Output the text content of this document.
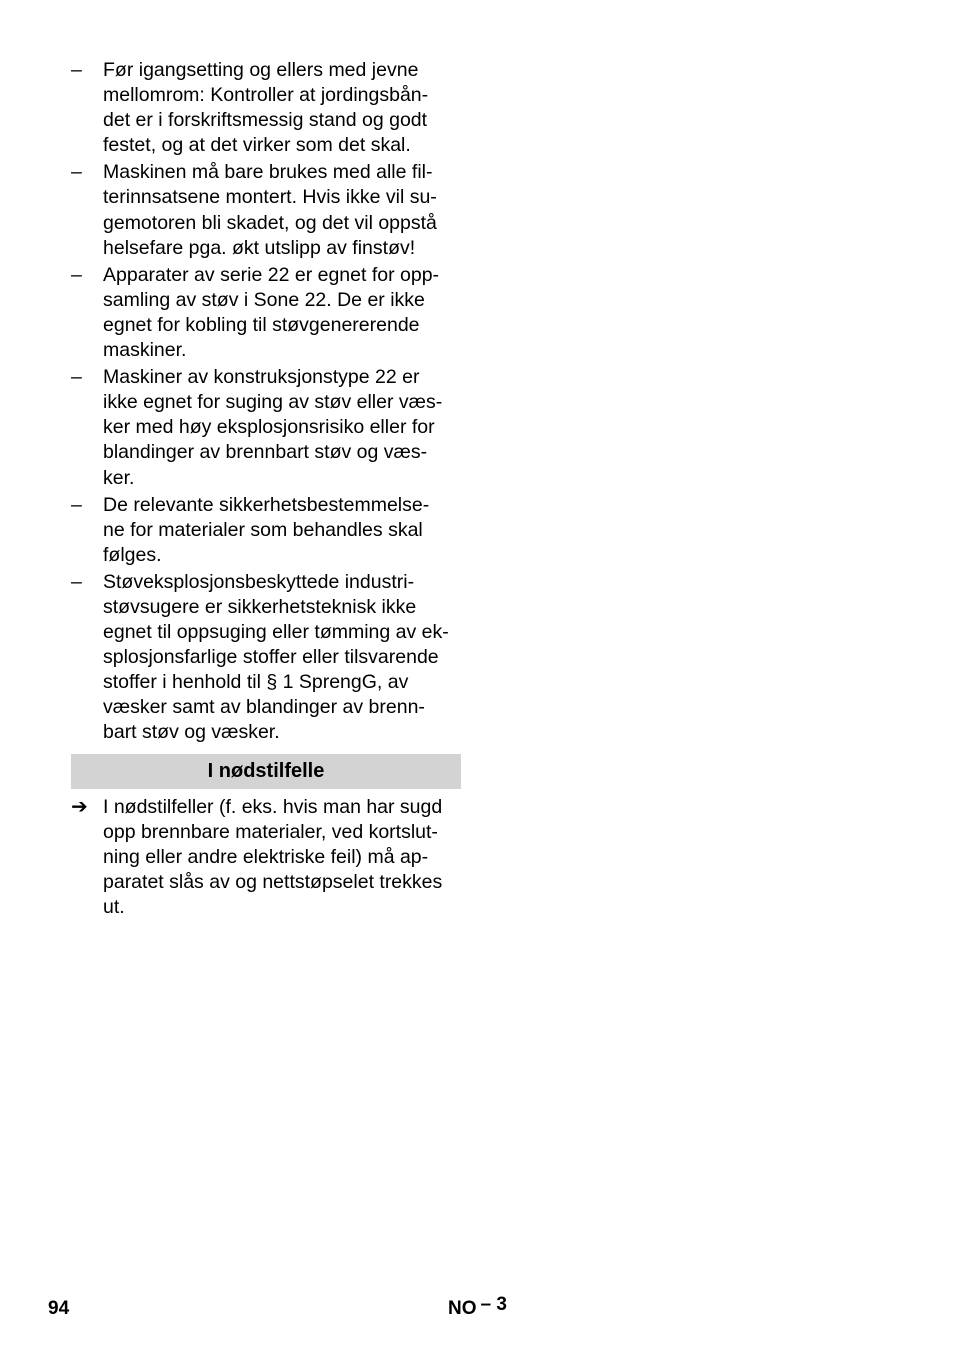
–	Før igangsetting og ellers med jevne
mellomrom: Kontroller at jordingsbån-
det er i forskriftsmessig stand og godt
festet, og at det virker som det skal.
–	Maskinen må bare brukes med alle fil-
terinnsatsene montert. Hvis ikke vil su-
gemotoren bli skadet, og det vil oppstå
helsefare pga. økt utslipp av finstøv!
–	Apparater av serie 22 er egnet for opp-
samling av støv i Sone 22. De er ikke
egnet for kobling til støvgenererende
maskiner.
–	Maskiner av konstruksjonstype 22 er
ikke egnet for suging av støv eller væs-
ker med høy eksplosjonsrisiko eller for
blandinger av brennbart støv og væs-
ker.
–	De relevante sikkerhetsbestemmelse-
ne for materialer som behandles skal
følges.
–	Støveksplosjonsbeskyttede industri-
støvsugere er sikkerhetsteknisk ikke
egnet til oppsuging eller tømming av ek-
splosjonsfarlige stoffer eller tilsvarende
stoffer i henhold til § 1 SprengG, av
væsker samt av blandinger av brenn-
bart støv og væsker.
I nødstilfelle
➔ I nødstilfeller (f. eks. hvis man har sugd
opp brennbare materialer, ved kortslut-
ning eller andre elektriske feil) må ap-
paratet slås av og nettstøpselet trekkes
ut.
94	NO – 3
